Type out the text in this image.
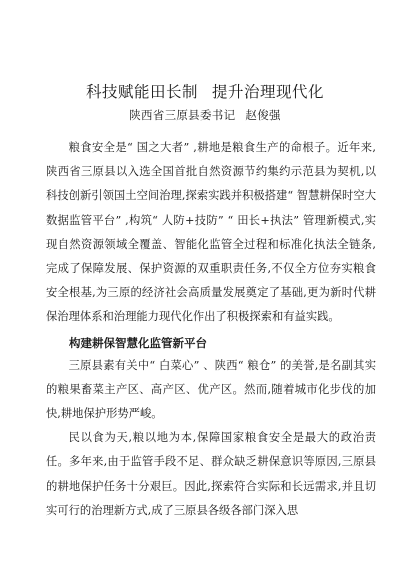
科技赋能田长制 提升治理现代化

陕西省三原县委书记 赵俊强

粮食安全是“ 国之大者” ,耕地是粮食生产的命根子。近年来,陕西省三原县以入选全国首批自然资源节约集约示范县为契机,以科技创新引领国土空间治理,探索实践并积极搭建“ 智慧耕保时空大数据监管平台” ,构筑“ 人防+技防” “ 田长+执法” 管理新模式,实现自然资源领域全覆盖、智能化监管全过程和标准化执法全链条,完成了保障发展、保护资源的双重职责任务,不仅全方位夯实粮食安全根基,为三原的经济社会高质量发展奠定了基础,更为新时代耕保治理体系和治理能力现代化作出了积极探索和有益实践。

构建耕保智慧化监管新平台

三原县素有关中“ 白菜心” 、陕西“ 粮仓” 的美誉,是名副其实的粮果畜菜主产区、高产区、优产区。然而,随着城市化步伐的加快,耕地保护形势严峻。

民以食为天,粮以地为本,保障国家粮食安全是最大的政治责任。多年来,由于监管手段不足、群众缺乏耕保意识等原因,三原县的耕地保护任务十分艰巨。因此,探索符合实际和长远需求,并且切实可行的治理新方式,成了三原县各级各部门深入思
